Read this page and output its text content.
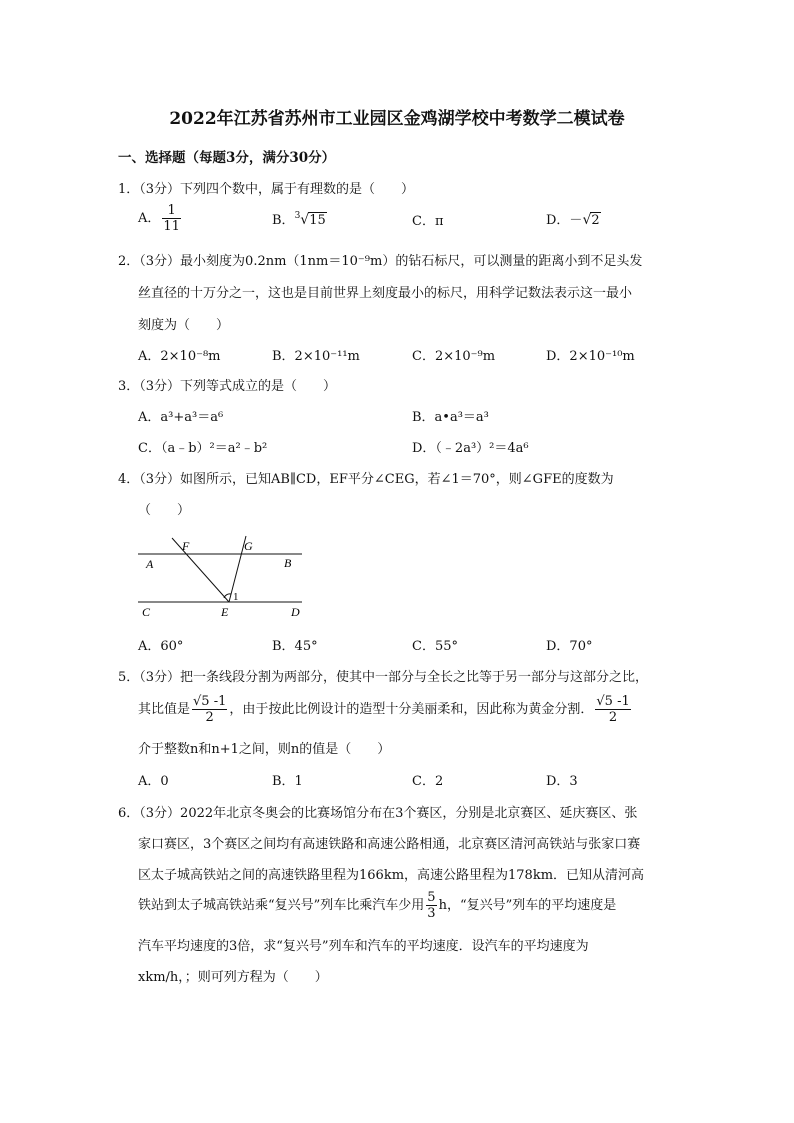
2022年江苏省苏州市工业园区金鸡湖学校中考数学二模试卷
一、选择题（每题3分，满分30分）
1．（3分）下列四个数中，属于有理数的是（　　）
A． $\frac{1}{11}$	B．$^3$√15	C．π	D．－√2
2．（3分）最小刻度为0.2nm（1nm＝10⁻⁹m）的钻石标尺，可以测量的距离小到不足头发
丝直径的十万分之一，这也是目前世界上刻度最小的标尺，用科学记数法表示这一最小
刻度为（　　）
A．2×10⁻⁸m	B．2×10⁻¹¹m	C．2×10⁻⁹m	D．2×10⁻¹⁰m
3．（3分）下列等式成立的是（　　）
A．a³+a³＝a⁶	B．a•a³＝a³
C．（a﹣b）²＝a²﹣b²	D．（﹣2a³）²＝4a⁶
4．（3分）如图所示，已知AB∥CD，EF平分∠CEG，若∠1＝70°，则∠GFE的度数为
（　　）
F	G
A	B
1
C	E	D
A．60°	B．45°	C．55°	D．70°
5．（3分）把一条线段分割为两部分，使其中一部分与全长之比等于另一部分与这部分之比，
其比值是 $\frac{√5 -1}{2}$ ，由于按此比例设计的造型十分美丽柔和，因此称为黄金分割． $\frac{√5 -1}{2}$
介于整数n和n+1之间，则n的值是（　　）
A．0	B．1	C．2	D．3
6．（3分）2022年北京冬奥会的比赛场馆分布在3个赛区，分别是北京赛区、延庆赛区、张
家口赛区，3个赛区之间均有高速铁路和高速公路相通，北京赛区清河高铁站与张家口赛
区太子城高铁站之间的高速铁路里程为166km，高速公路里程为178km．已知从清河高
铁站到太子城高铁站乘“复兴号”列车比乘汽车少用 $\frac{5}{3}$ h，“复兴号”列车的平均速度是
汽车平均速度的3倍，求“复兴号”列车和汽车的平均速度．设汽车的平均速度为
xkm/h，；则可列方程为（　　）
